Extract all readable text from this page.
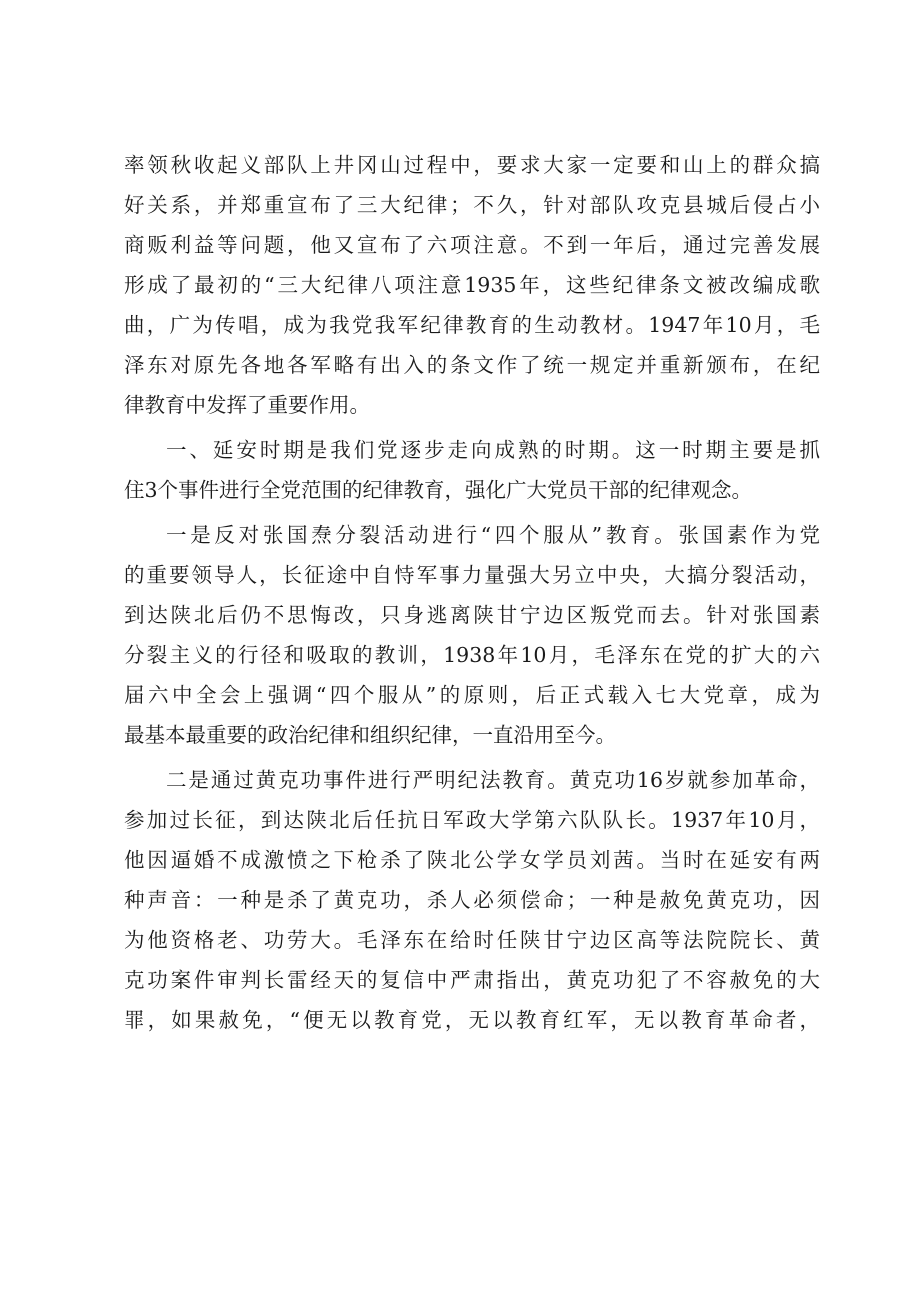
率领秋收起义部队上井冈山过程中，要求大家一定要和山上的群众搞
好关系，并郑重宣布了三大纪律；不久，针对部队攻克县城后侵占小
商贩利益等问题，他又宣布了六项注意。不到一年后，通过完善发展
形成了最初的“三大纪律八项注意1935年，这些纪律条文被改编成歌
曲，广为传唱，成为我党我军纪律教育的生动教材。1947年10月，毛
泽东对原先各地各军略有出入的条文作了统一规定并重新颁布，在纪
律教育中发挥了重要作用。
一、延安时期是我们党逐步走向成熟的时期。这一时期主要是抓
住3个事件进行全党范围的纪律教育，强化广大党员干部的纪律观念。
一是反对张国焘分裂活动进行“四个服从”教育。张国素作为党
的重要领导人，长征途中自恃军事力量强大另立中央，大搞分裂活动，
到达陕北后仍不思悔改，只身逃离陕甘宁边区叛党而去。针对张国素
分裂主义的行径和吸取的教训，1938年10月，毛泽东在党的扩大的六
届六中全会上强调“四个服从”的原则，后正式载入七大党章，成为
最基本最重要的政治纪律和组织纪律，一直沿用至今。
二是通过黄克功事件进行严明纪法教育。黄克功16岁就参加革命，
参加过长征，到达陕北后任抗日军政大学第六队队长。1937年10月，
他因逼婚不成激愤之下枪杀了陕北公学女学员刘茜。当时在延安有两
种声音：一种是杀了黄克功，杀人必须偿命；一种是赦免黄克功，因
为他资格老、功劳大。毛泽东在给时任陕甘宁边区高等法院院长、黄
克功案件审判长雷经天的复信中严肃指出，黄克功犯了不容赦免的大
罪，如果赦免，“便无以教育党，无以教育红军，无以教育革命者，
